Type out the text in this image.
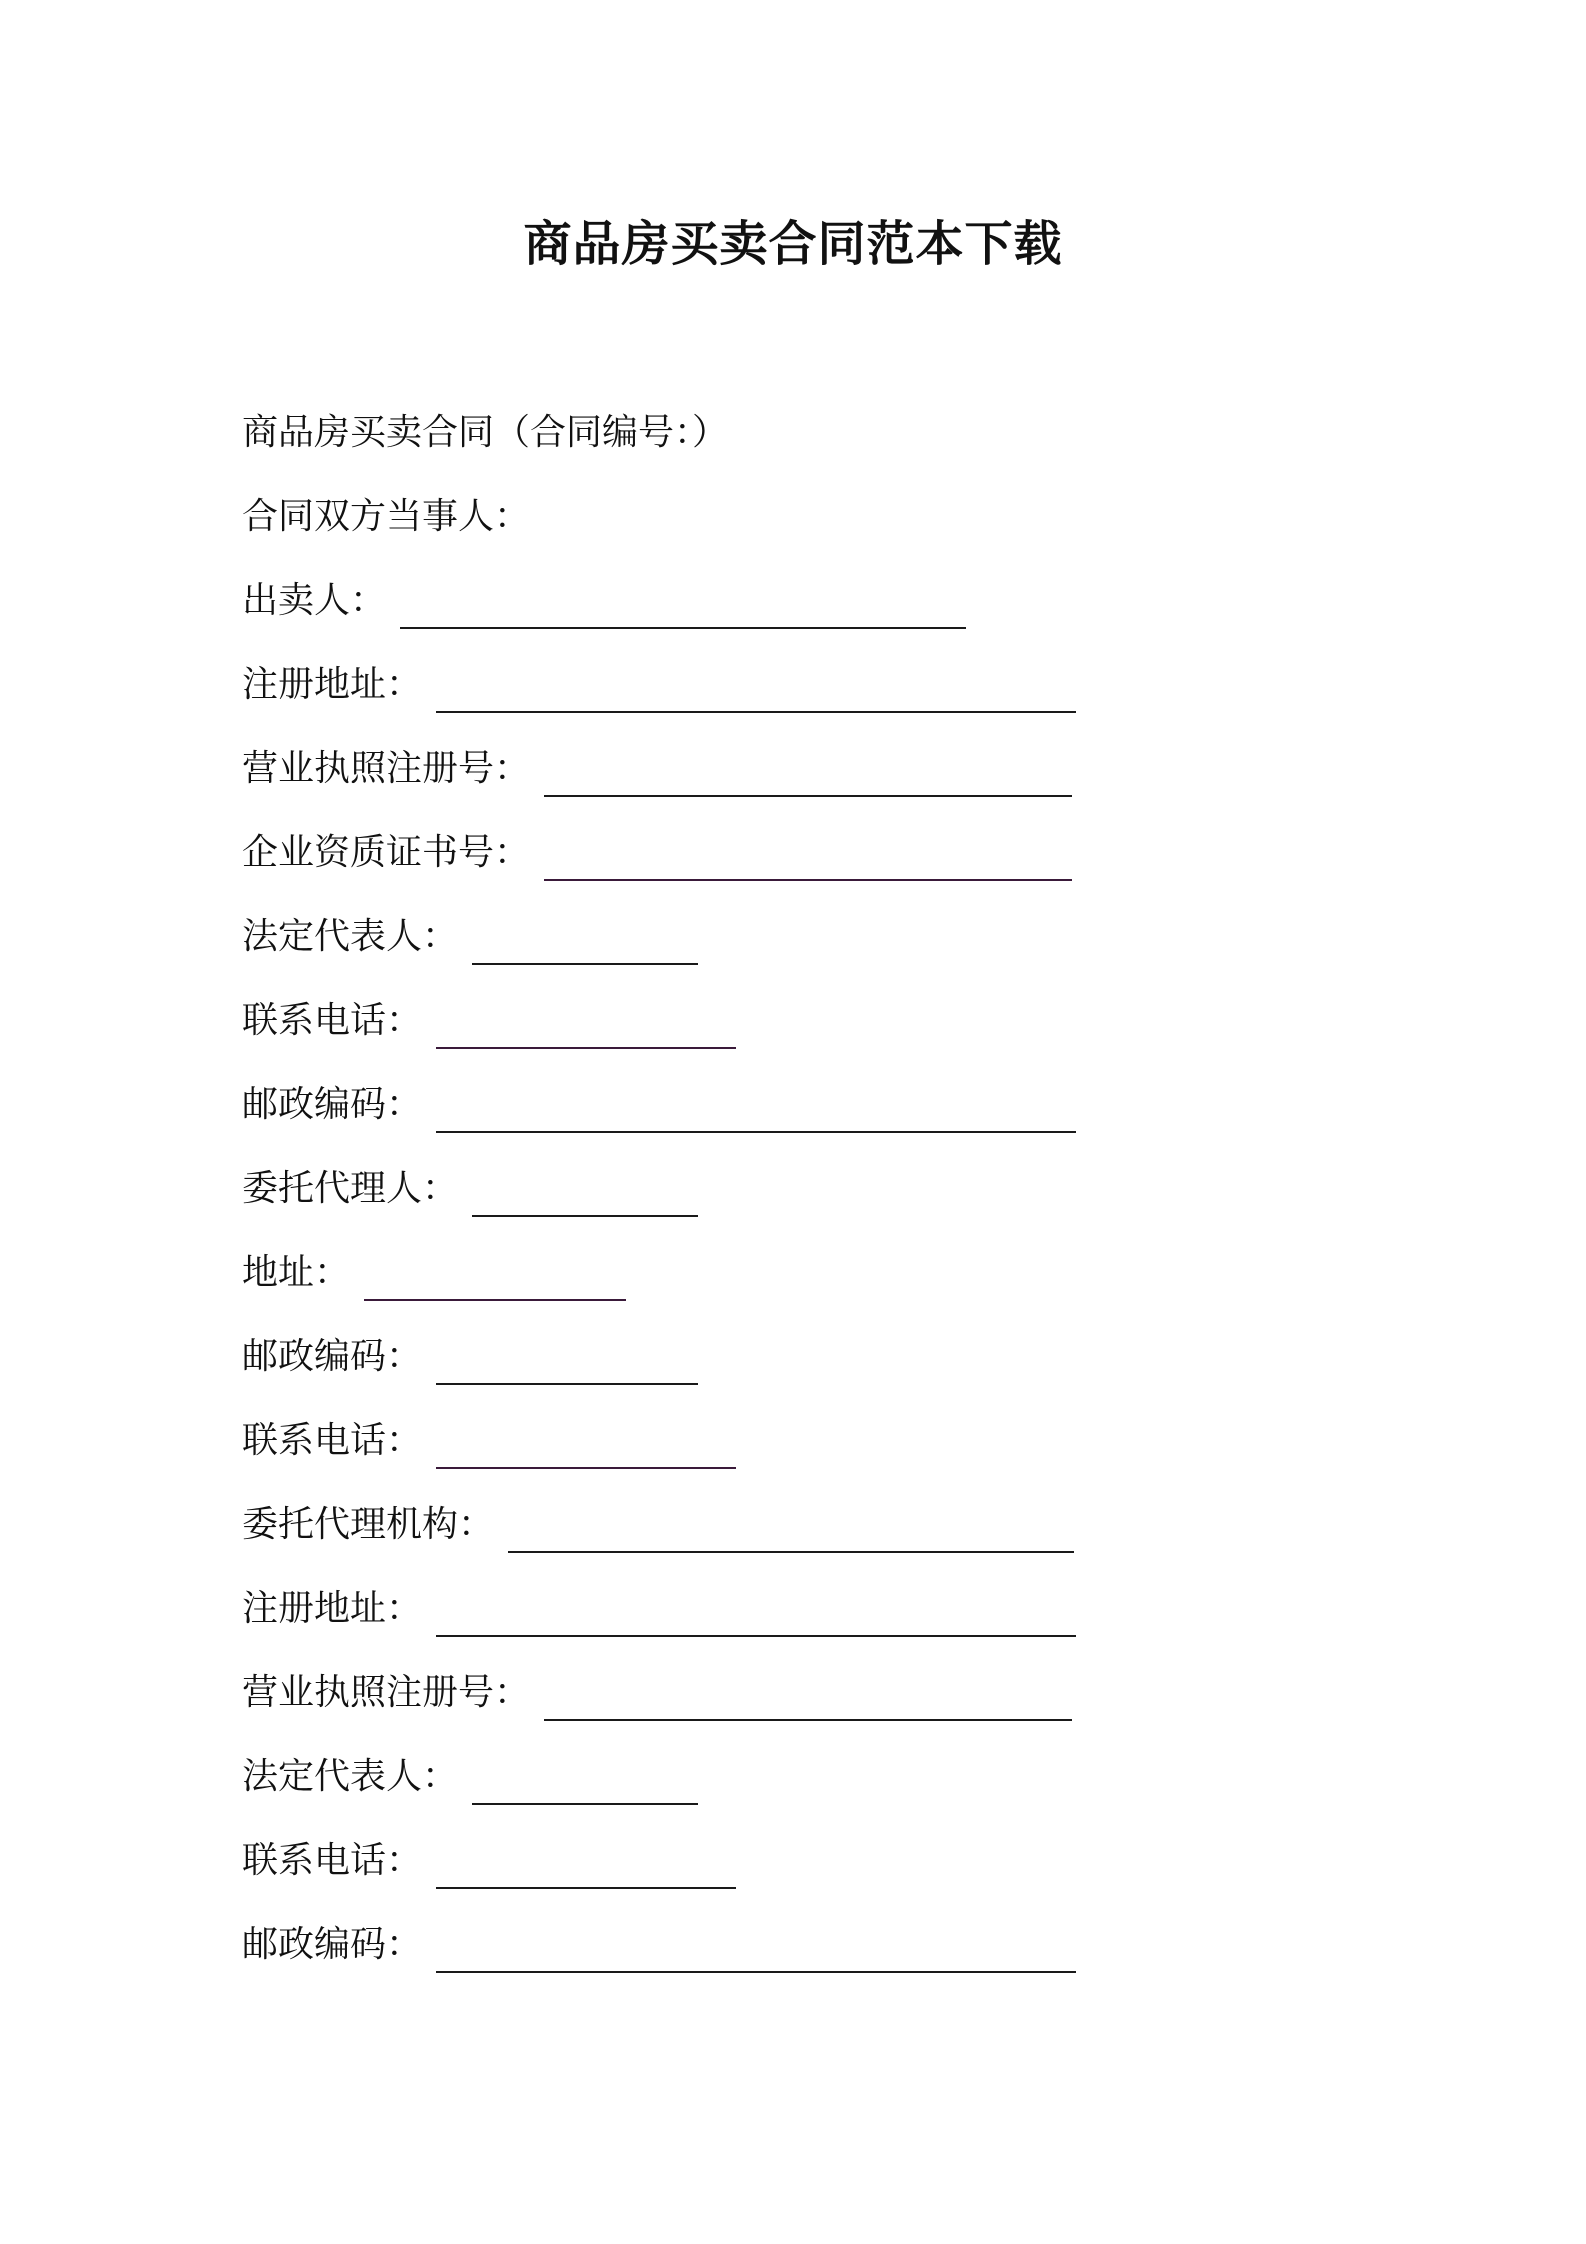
商品房买卖合同范本下载
商品房买卖合同（合同编号：）
合同双方当事人：
出卖人：
注册地址：
营业执照注册号：
企业资质证书号：
法定代表人：
联系电话：
邮政编码：
委托代理人：
地址：
邮政编码：
联系电话：
委托代理机构：
注册地址：
营业执照注册号：
法定代表人：
联系电话：
邮政编码：
